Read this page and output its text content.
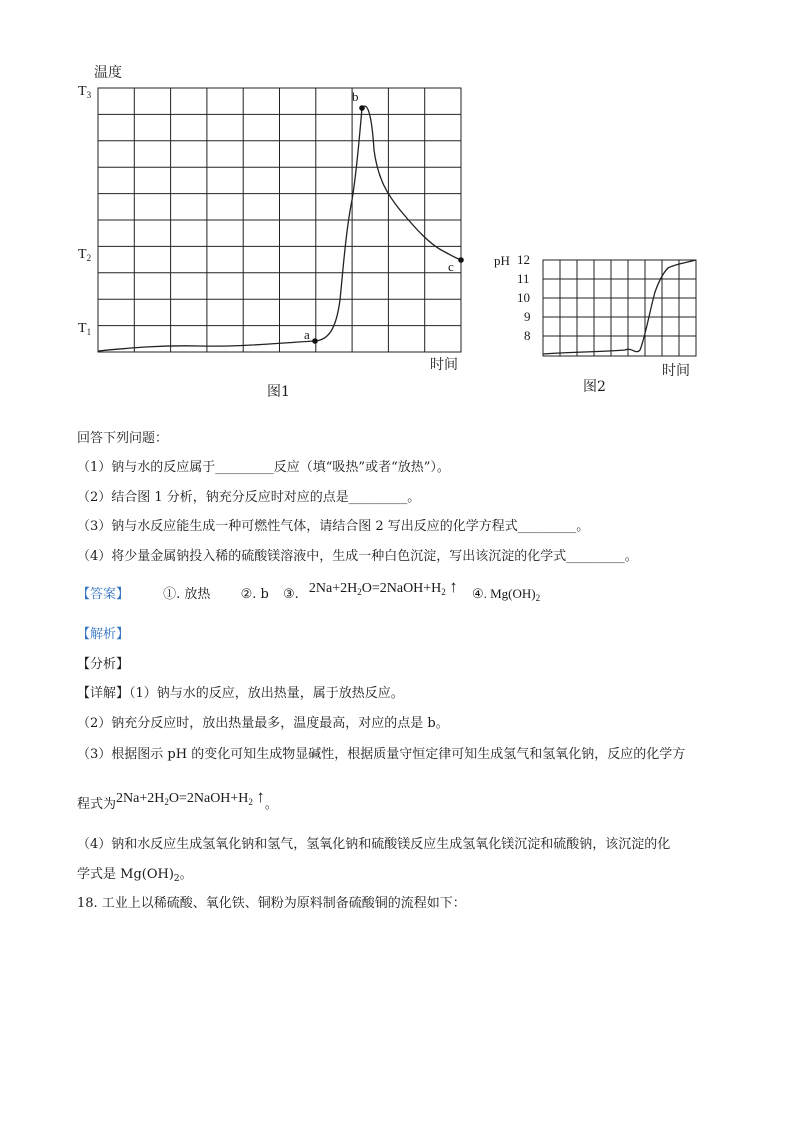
温度
$T_3$
$T_2$
$T_1$	a
b
c
时间
图1
pH 12
11
10
9
8
时间
图2
回答下列问题：
（1）钠与水的反应属于_________反应（填“吸热”或者“放热”）。
（2）结合图 1 分析，钠充分反应时对应的点是_________。
（3）钠与水反应能生成一种可燃性气体，请结合图 2 写出反应的化学方程式_________。
（4）将少量金属钠投入稀的硫酸镁溶液中，生成一种白色沉淀，写出该沉淀的化学式_________。
【答案】	①. 放热 ②. b ③. $2Na+2H_2O=2NaOH+H_2$ ↑ ④. $Mg(OH)_2$
【解析】
【分析】
【详解】（1）钠与水的反应，放出热量，属于放热反应。
（2）钠充分反应时，放出热量最多，温度最高，对应的点是 b。
（3）根据图示 pH 的变化可知生成物显碱性，根据质量守恒定律可知生成氢气和氢氧化钠，反应的化学方
程式为$2Na+2H_2O=2NaOH+H_2$ ↑。
（4）钠和水反应生成氢氧化钠和氢气，氢氧化钠和硫酸镁反应生成氢氧化镁沉淀和硫酸钠，该沉淀的化
学式是 $Mg(OH)_2$。
18. 工业上以稀硫酸、氧化铁、铜粉为原料制备硫酸铜的流程如下：
